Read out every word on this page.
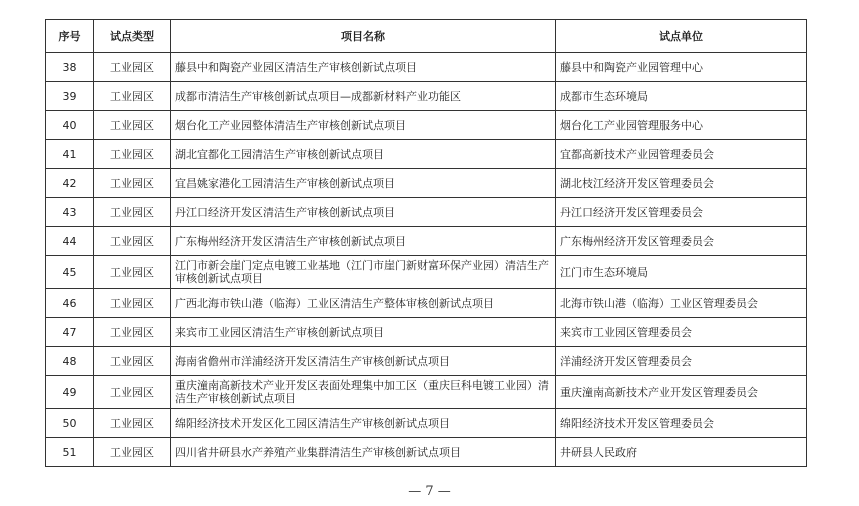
序号	试点类型	项目名称	试点单位
38	工业园区	藤县中和陶瓷产业园区清洁生产审核创新试点项目	藤县中和陶瓷产业园管理中心
39	工业园区	成都市清洁生产审核创新试点项目—成都新材料产业功能区	成都市生态环境局
40	工业园区	烟台化工产业园整体清洁生产审核创新试点项目	烟台化工产业园管理服务中心
41	工业园区	湖北宜都化工园清洁生产审核创新试点项目	宜都高新技术产业园管理委员会
42	工业园区	宜昌姚家港化工园清洁生产审核创新试点项目	湖北枝江经济开发区管理委员会
43	工业园区	丹江口经济开发区清洁生产审核创新试点项目	丹江口经济开发区管理委员会
44	工业园区	广东梅州经济开发区清洁生产审核创新试点项目	广东梅州经济开发区管理委员会
45	工业园区	江门市新会崖门定点电镀工业基地（江门市崖门新财富环保产业园）清洁生产审核创新试点项目	江门市生态环境局
46	工业园区	广西北海市铁山港（临海）工业区清洁生产整体审核创新试点项目	北海市铁山港（临海）工业区管理委员会
47	工业园区	来宾市工业园区清洁生产审核创新试点项目	来宾市工业园区管理委员会
48	工业园区	海南省儋州市洋浦经济开发区清洁生产审核创新试点项目	洋浦经济开发区管理委员会
49	工业园区	重庆潼南高新技术产业开发区表面处理集中加工区（重庆巨科电镀工业园）清洁生产审核创新试点项目	重庆潼南高新技术产业开发区管理委员会
50	工业园区	绵阳经济技术开发区化工园区清洁生产审核创新试点项目	绵阳经济技术开发区管理委员会
51	工业园区	四川省井研县水产养殖产业集群清洁生产审核创新试点项目	井研县人民政府
— 7 —
